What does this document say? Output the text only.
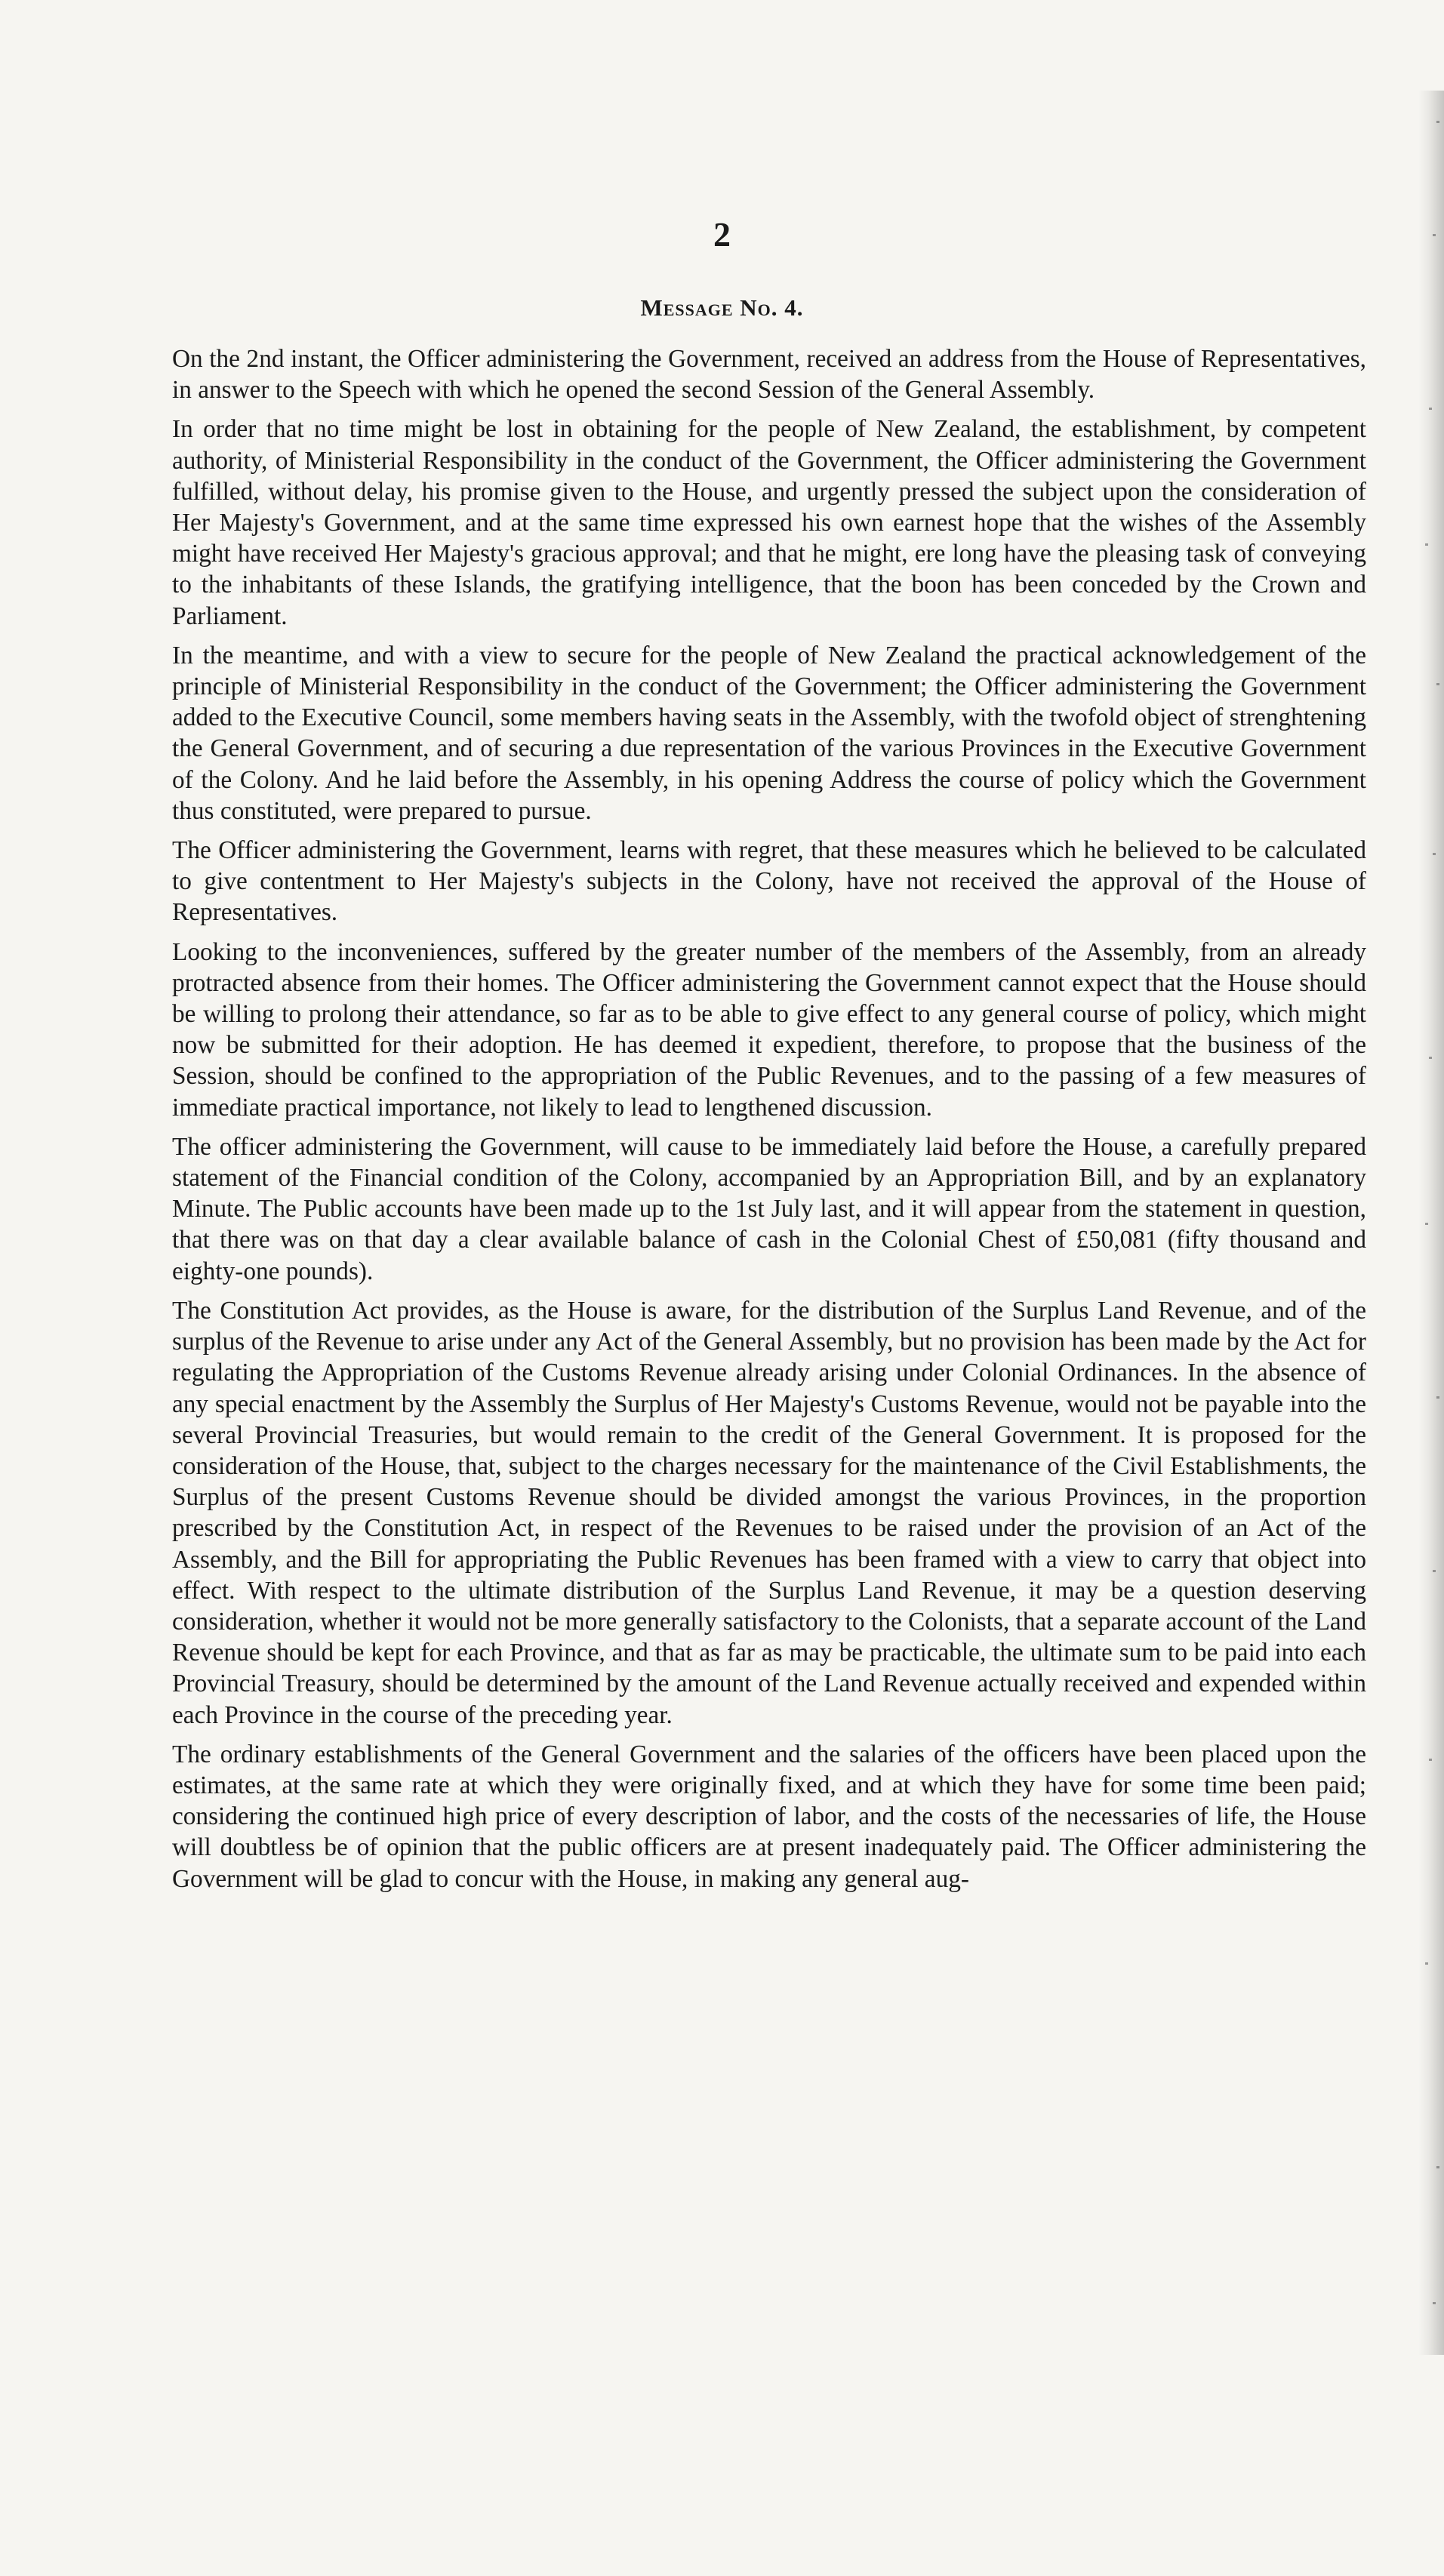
2
Message No. 4.

On the 2nd instant, the Officer administering the Government, received an address from the House of Representatives, in answer to the Speech with which he opened the second Session of the General Assembly.

In order that no time might be lost in obtaining for the people of New Zealand, the establishment, by competent authority, of Ministerial Responsibility in the conduct of the Government, the Officer administering the Government fulfilled, without delay, his promise given to the House, and urgently pressed the subject upon the consideration of Her Majesty's Government, and at the same time expressed his own earnest hope that the wishes of the Assembly might have received Her Majesty's gracious approval; and that he might, ere long have the pleasing task of conveying to the inhabitants of these Islands, the gratifying intelligence, that the boon has been conceded by the Crown and Parliament.

In the meantime, and with a view to secure for the people of New Zealand the practical acknowledgement of the principle of Ministerial Responsibility in the conduct of the Government; the Officer administering the Government added to the Executive Council, some members having seats in the Assembly, with the twofold object of strenghtening the General Government, and of securing a due representation of the various Provinces in the Executive Government of the Colony. And he laid before the Assembly, in his opening Address the course of policy which the Government thus constituted, were prepared to pursue.

The Officer administering the Government, learns with regret, that these measures which he believed to be calculated to give contentment to Her Majesty's subjects in the Colony, have not received the approval of the House of Representatives.

Looking to the inconveniences, suffered by the greater number of the members of the Assembly, from an already protracted absence from their homes. The Officer administering the Government cannot expect that the House should be willing to prolong their attendance, so far as to be able to give effect to any general course of policy, which might now be submitted for their adoption. He has deemed it expedient, therefore, to propose that the business of the Session, should be confined to the appropriation of the Public Revenues, and to the passing of a few measures of immediate practical importance, not likely to lead to lengthened discussion.

The officer administering the Government, will cause to be immediately laid before the House, a carefully prepared statement of the Financial condition of the Colony, accompanied by an Appropriation Bill, and by an explanatory Minute. The Public accounts have been made up to the 1st July last, and it will appear from the statement in question, that there was on that day a clear available balance of cash in the Colonial Chest of £50,081 (fifty thousand and eighty-one pounds).

The Constitution Act provides, as the House is aware, for the distribution of the Surplus Land Revenue, and of the surplus of the Revenue to arise under any Act of the General Assembly, but no provision has been made by the Act for regulating the Appropriation of the Customs Revenue already arising under Colonial Ordinances. In the absence of any special enactment by the Assembly the Surplus of Her Majesty's Customs Revenue, would not be payable into the several Provincial Treasuries, but would remain to the credit of the General Government. It is proposed for the consideration of the House, that, subject to the charges necessary for the maintenance of the Civil Establishments, the Surplus of the present Customs Revenue should be divided amongst the various Provinces, in the proportion prescribed by the Constitution Act, in respect of the Revenues to be raised under the provision of an Act of the Assembly, and the Bill for appropriating the Public Revenues has been framed with a view to carry that object into effect. With respect to the ultimate distribution of the Surplus Land Revenue, it may be a question deserving consideration, whether it would not be more generally satisfactory to the Colonists, that a separate account of the Land Revenue should be kept for each Province, and that as far as may be practicable, the ultimate sum to be paid into each Provincial Treasury, should be determined by the amount of the Land Revenue actually received and expended within each Province in the course of the preceding year.

The ordinary establishments of the General Government and the salaries of the officers have been placed upon the estimates, at the same rate at which they were originally fixed, and at which they have for some time been paid; considering the continued high price of every description of labor, and the costs of the necessaries of life, the House will doubtless be of opinion that the public officers are at present inadequately paid. The Officer administering the Government will be glad to concur with the House, in making any general aug-
